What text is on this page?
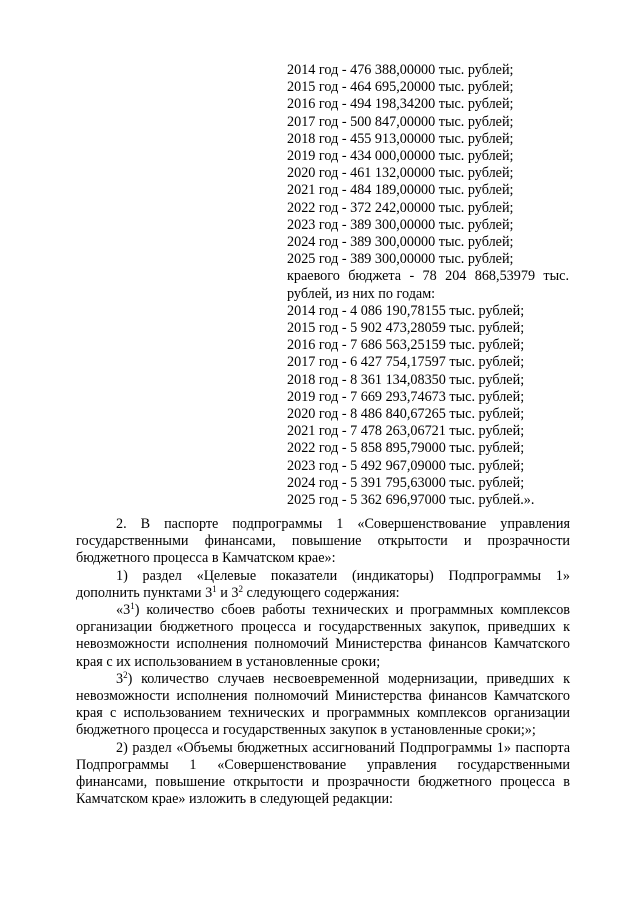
2014 год - 476 388,00000 тыс. рублей;
2015 год - 464 695,20000 тыс. рублей;
2016 год - 494 198,34200 тыс. рублей;
2017 год - 500 847,00000 тыс. рублей;
2018 год - 455 913,00000 тыс. рублей;
2019 год - 434 000,00000 тыс. рублей;
2020 год - 461 132,00000 тыс. рублей;
2021 год - 484 189,00000 тыс. рублей;
2022 год - 372 242,00000 тыс. рублей;
2023 год - 389 300,00000 тыс. рублей;
2024 год - 389 300,00000 тыс. рублей;
2025 год - 389 300,00000 тыс. рублей;
краевого бюджета - 78 204 868,53979 тыс.
рублей, из них по годам:
2014 год - 4 086 190,78155 тыс. рублей;
2015 год - 5 902 473,28059 тыс. рублей;
2016 год - 7 686 563,25159 тыс. рублей;
2017 год - 6 427 754,17597 тыс. рублей;
2018 год - 8 361 134,08350 тыс. рублей;
2019 год - 7 669 293,74673 тыс. рублей;
2020 год - 8 486 840,67265 тыс. рублей;
2021 год - 7 478 263,06721 тыс. рублей;
2022 год - 5 858 895,79000 тыс. рублей;
2023 год - 5 492 967,09000 тыс. рублей;
2024 год - 5 391 795,63000 тыс. рублей;
2025 год - 5 362 696,97000 тыс. рублей.».

2. В паспорте подпрограммы 1 «Совершенствование управления государственными финансами, повышение открытости и прозрачности бюджетного процесса в Камчатском крае»:

1) раздел «Целевые показатели (индикаторы) Подпрограммы 1» дополнить пунктами $3^1$ и $3^2$ следующего содержания:

«$3^1$) количество сбоев работы технических и программных комплексов организации бюджетного процесса и государственных закупок, приведших к невозможности исполнения полномочий Министерства финансов Камчатского края с их использованием в установленные сроки;

$3^2$) количество случаев несвоевременной модернизации, приведших к невозможности исполнения полномочий Министерства финансов Камчатского края с использованием технических и программных комплексов организации бюджетного процесса и государственных закупок в установленные сроки;»;

2) раздел «Объемы бюджетных ассигнований Подпрограммы 1» паспорта Подпрограммы 1 «Совершенствование управления государственными финансами, повышение открытости и прозрачности бюджетного процесса в Камчатском крае» изложить в следующей редакции:
